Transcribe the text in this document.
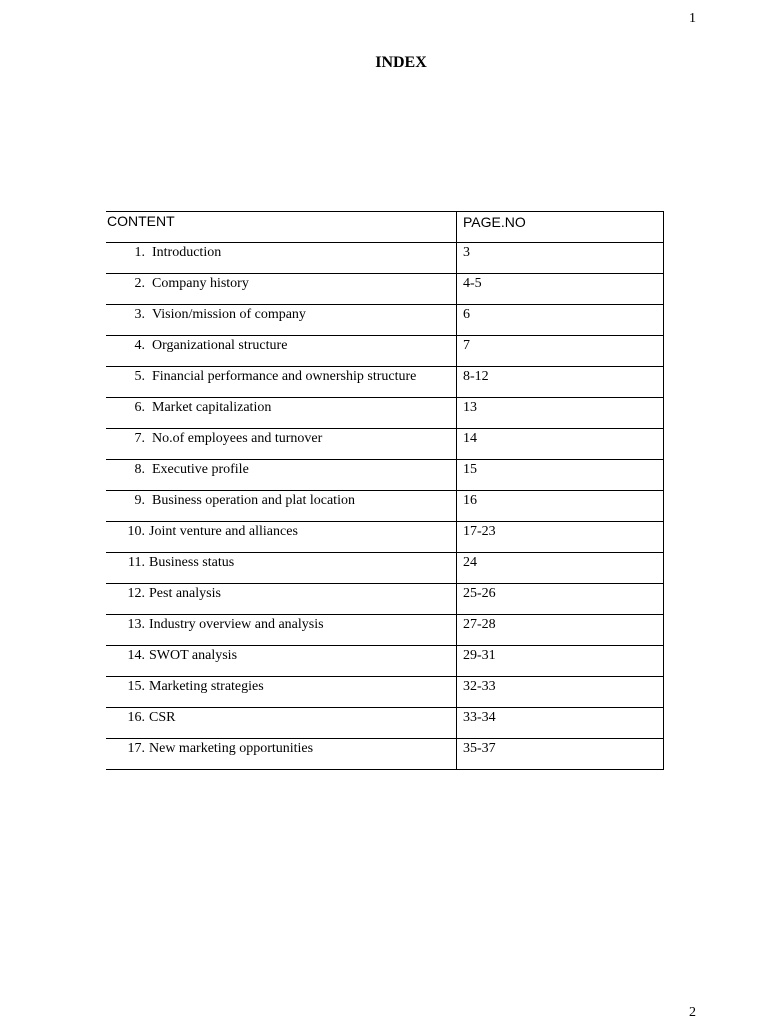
1
INDEX
CONTENT	PAGE.NO

1. Introduction	3

2. Company history	4-5

3. Vision/mission of company	6

4. Organizational structure	7

5. Financial performance and ownership structure	8-12

6. Market capitalization	13

7. No.of employees and turnover	14

8. Executive profile	15

9. Business operation and plat location	16

10. Joint venture and alliances	17-23

11. Business status	24

12. Pest analysis	25-26

13. Industry overview and analysis	27-28

14. SWOT analysis	29-31

15. Marketing strategies	32-33

16. CSR	33-34

17. New marketing opportunities	35-37
2
